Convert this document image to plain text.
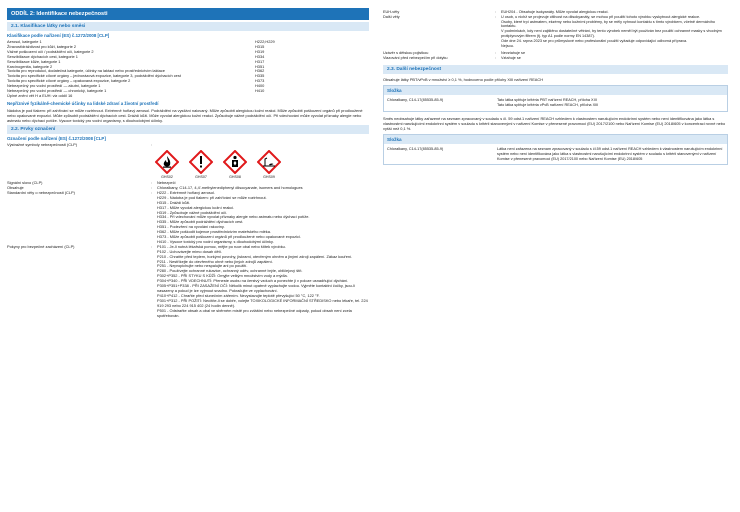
ODDÍL 2: Identifikace nebezpečnosti
2.1. Klasifikace látky nebo směsi
Klasifikace podle nařízení (ES) č.1272/2008 [CLP]
Aerosol, kategorie 1	H222;H229
Žíravost/dráždivost pro kůži, kategorie 2	H315
Vážné poškození očí / podráždění očí, kategorie 2	H319
Senzibilizace dýchacích cest, kategorie 1	H334
Senzibilizace kůže, kategorie 1	H317
Karcinogenita, kategorie 2	H351
Toxicita pro reprodukci, dodatečná kategorie, účinky na laktaci nebo prostřednictvím laktace	H362
Toxicita pro specifické cílové orgány – jednorázová expozice, kategorie 3, podráždění dýchacích cest	H335
Toxicita pro specifické cílové orgány – opakovaná expozice, kategorie 2	H373
Nebezpečný pro vodní prostředí — akutní, kategorie 1	H400
Nebezpečný pro vodní prostředí — chronický, kategorie 1	H410
Úplné znění vět H a EUH: viz oddíl 16
Nepříznivé fyzikálně-chemické účinky na lidské zdraví a životní prostředí
Nádoba je pod tlakem: při zahřívání se může roztrhnout. Extrémně hořlavý aerosol. Podráždění na vysílání nalovaný. Může způsobit alergickou kožní reakci. Může způsobit poškození orgánů při prodloužené nebo opakované expozici. Může způsobit podráždění dýchacích cest. Dráždí kůži. Může vyvolat alergickou kožní reakci. Způsobuje vážné podráždění očí. Při vdechování může vyvolat příznaky alergie nebo astmatu nebo dýchací potíže. Vysoce toxický pro vodní organismy, s dlouhodobými účinky.
2.2. Prvky označení
Označení podle nařízení (ES) č.1272/2008 [CLP]
Výstražné symboly nebezpečnosti (CLP)	:
GHS02	GHS07	GHS08	GHS09
Signální slovo (CLP)	:	Nebezpečí
Obsahuje	:	Chloralkany, C14-17, 4,4'-methylenediphenyl diisocyanate, isomers and homologues
Standardní věty o nebezpečnosti (CLP)	:	H222 - Extrémně hořlavý aerosol.
H229 - Nádoba je pod tlakem: při zahřívání se může roztrhnout.
H315 - Dráždí kůži.
H317 - Může vyvolat alergickou kožní reakci.
H319 - Způsobuje vážné podráždění očí.
H334 - Při vdechování může vyvolat příznaky alergie nebo astmatu nebo dýchací potíže.
H335 - Může způsobit podráždění dýchacích cest.
H351 - Podezření na vyvolání rakoviny.
H362 - Může poškodit kojence prostřednictvím mateřského mléka.
H373 - Může způsobit poškození orgánů při prodloužené nebo opakované expozici.
H410 - Vysoce toxický pro vodní organismy, s dlouhodobými účinky.
Pokyny pro bezpečné zacházení (CLP)	:	P101 - Je-li nutná lékařská pomoc, mějte po ruce obal nebo štítek výrobku.
P102 - Uchovávejte mimo dosah dětí.
P210 - Chraňte před teplem, horkými povrchy, jiskrami, otevřeným ohněm a jinými zdroji zapálení. Zákaz kouření.
P211 - Nestříkejte do otevřeného ohně nebo jiných zdrojů zapálení.
P251 - Nepropichujte nebo nespalujte ani po použití.
P280 - Používejte ochranné rukavice, ochranný oděv, ochranné brýle, obličejový štít.
P302+P352 - PŘI STYKU S KŮŽÍ: Omyjte velkým množstvím vody a mýdla.
P304+P340 - PŘI VDECHNUTÍ: Přeneste osobu na čerstvý vzduch a ponechte ji v poloze usnadňující dýchání.
P305+P351+P338 - PŘI ZASAŽENÍ OČÍ: Několik minut opatrně vyplachujte vodou. Vyjměte kontaktní čočky, jsou-li nasazeny a pokud je lze vyjmout snadno. Pokračujte ve vyplachování.
P410+P412 - Chraňte před slunečním zářením. Nevystavujte teplotě převyšující 50 °C, 122 °F.
P301+P312 - PŘI POŽITÍ: Necítíte-li se dobře, volejte TOXIKOLOGICKÉ INFORMAČNÍ STŘEDISKO nebo lékaře, tel. 224 919 293 nebo 224 915 402 (24 hodin denně).
P501 - Odstraňte obsah a obal ve sběrném místě pro zvláštní nebo nebezpečné odpady, pokud obsah není zcela spotřebován.
EUH-věty	:	EUH204 - Obsahuje isokyanáty. Může vyvolat alergickou reakci.
Další věty	:	U osob, u nichž se projevuje citlivost na diisokyanáty, se mohou při použití tohoto výrobku vyskytnout alergické reakce.
Osoby, které trpí astmatem, ekzémy nebo kožními problémy, by se měly vyhnout kontaktu s tímto výrobkem, včetně dermálního kontaktu.
V podmínkách, kdy není zajištěno dostatečné větrání, by tento výrobek neměl být používán bez použití ochranné masky s vhodným protiplynovým filtrem (tj. typ A1 podle normy EN 14387).
Ode dne 24. srpna 2023 se pro průmyslové nebo profesionální použití vyžaduje odpovídající odborná příprava.
Nejsou.
Uzávěr s dětskou pojistkou	:	Nevztahuje se
Viazování před nebezpečím při dotyku	:	Vztahuje se
2.3. Další nebezpečnost
Obsahuje látky PBT/vPvB v množství ≥ 0,1 %, hodnoceno podle přílohy XIII nařízení REACH
Složka
Chloralkany, C14-17(85535-85-9)	Tato látka splňuje kritéria PBT nařízení REACH, příloha XIII
Tato látka splňuje kritéria vPvB nařízení REACH, příloha XIII
Směs neobsahuje látky zařazené na seznam zpracovaný v souladu s čl. 59 odst.1 nařízení REACH vzhledem k vlastnostem narušujícím endokrinní systém nebo není identifikována jako látka s vlastnostmi narušujícími endokrinní systém v souladu s kritérii stanovenými v nařízení Komise v přenesené pravomoci (EU) 2017/2100 nebo Nařízení Komise (EU) 2018/605 v koncentraci rovné nebo vyšší než 0,1 %.
Složka
Chloralkany, C14-17(85535-85-9)	Látka není zařazena na seznam zpracovaný v souladu s čl.59 odst.1 nařízení REACH vzhledem k vlastnostem narušujícím endokrinní systém nebo není identifikována jako látka s vlastnostmi narušujícími endokrinní systém v souladu s kritérii stanovenými v nařízení Komise v přenesené pravomoci (EU) 2017/2100 nebo Nařízení Komise (EU) 2018/605
